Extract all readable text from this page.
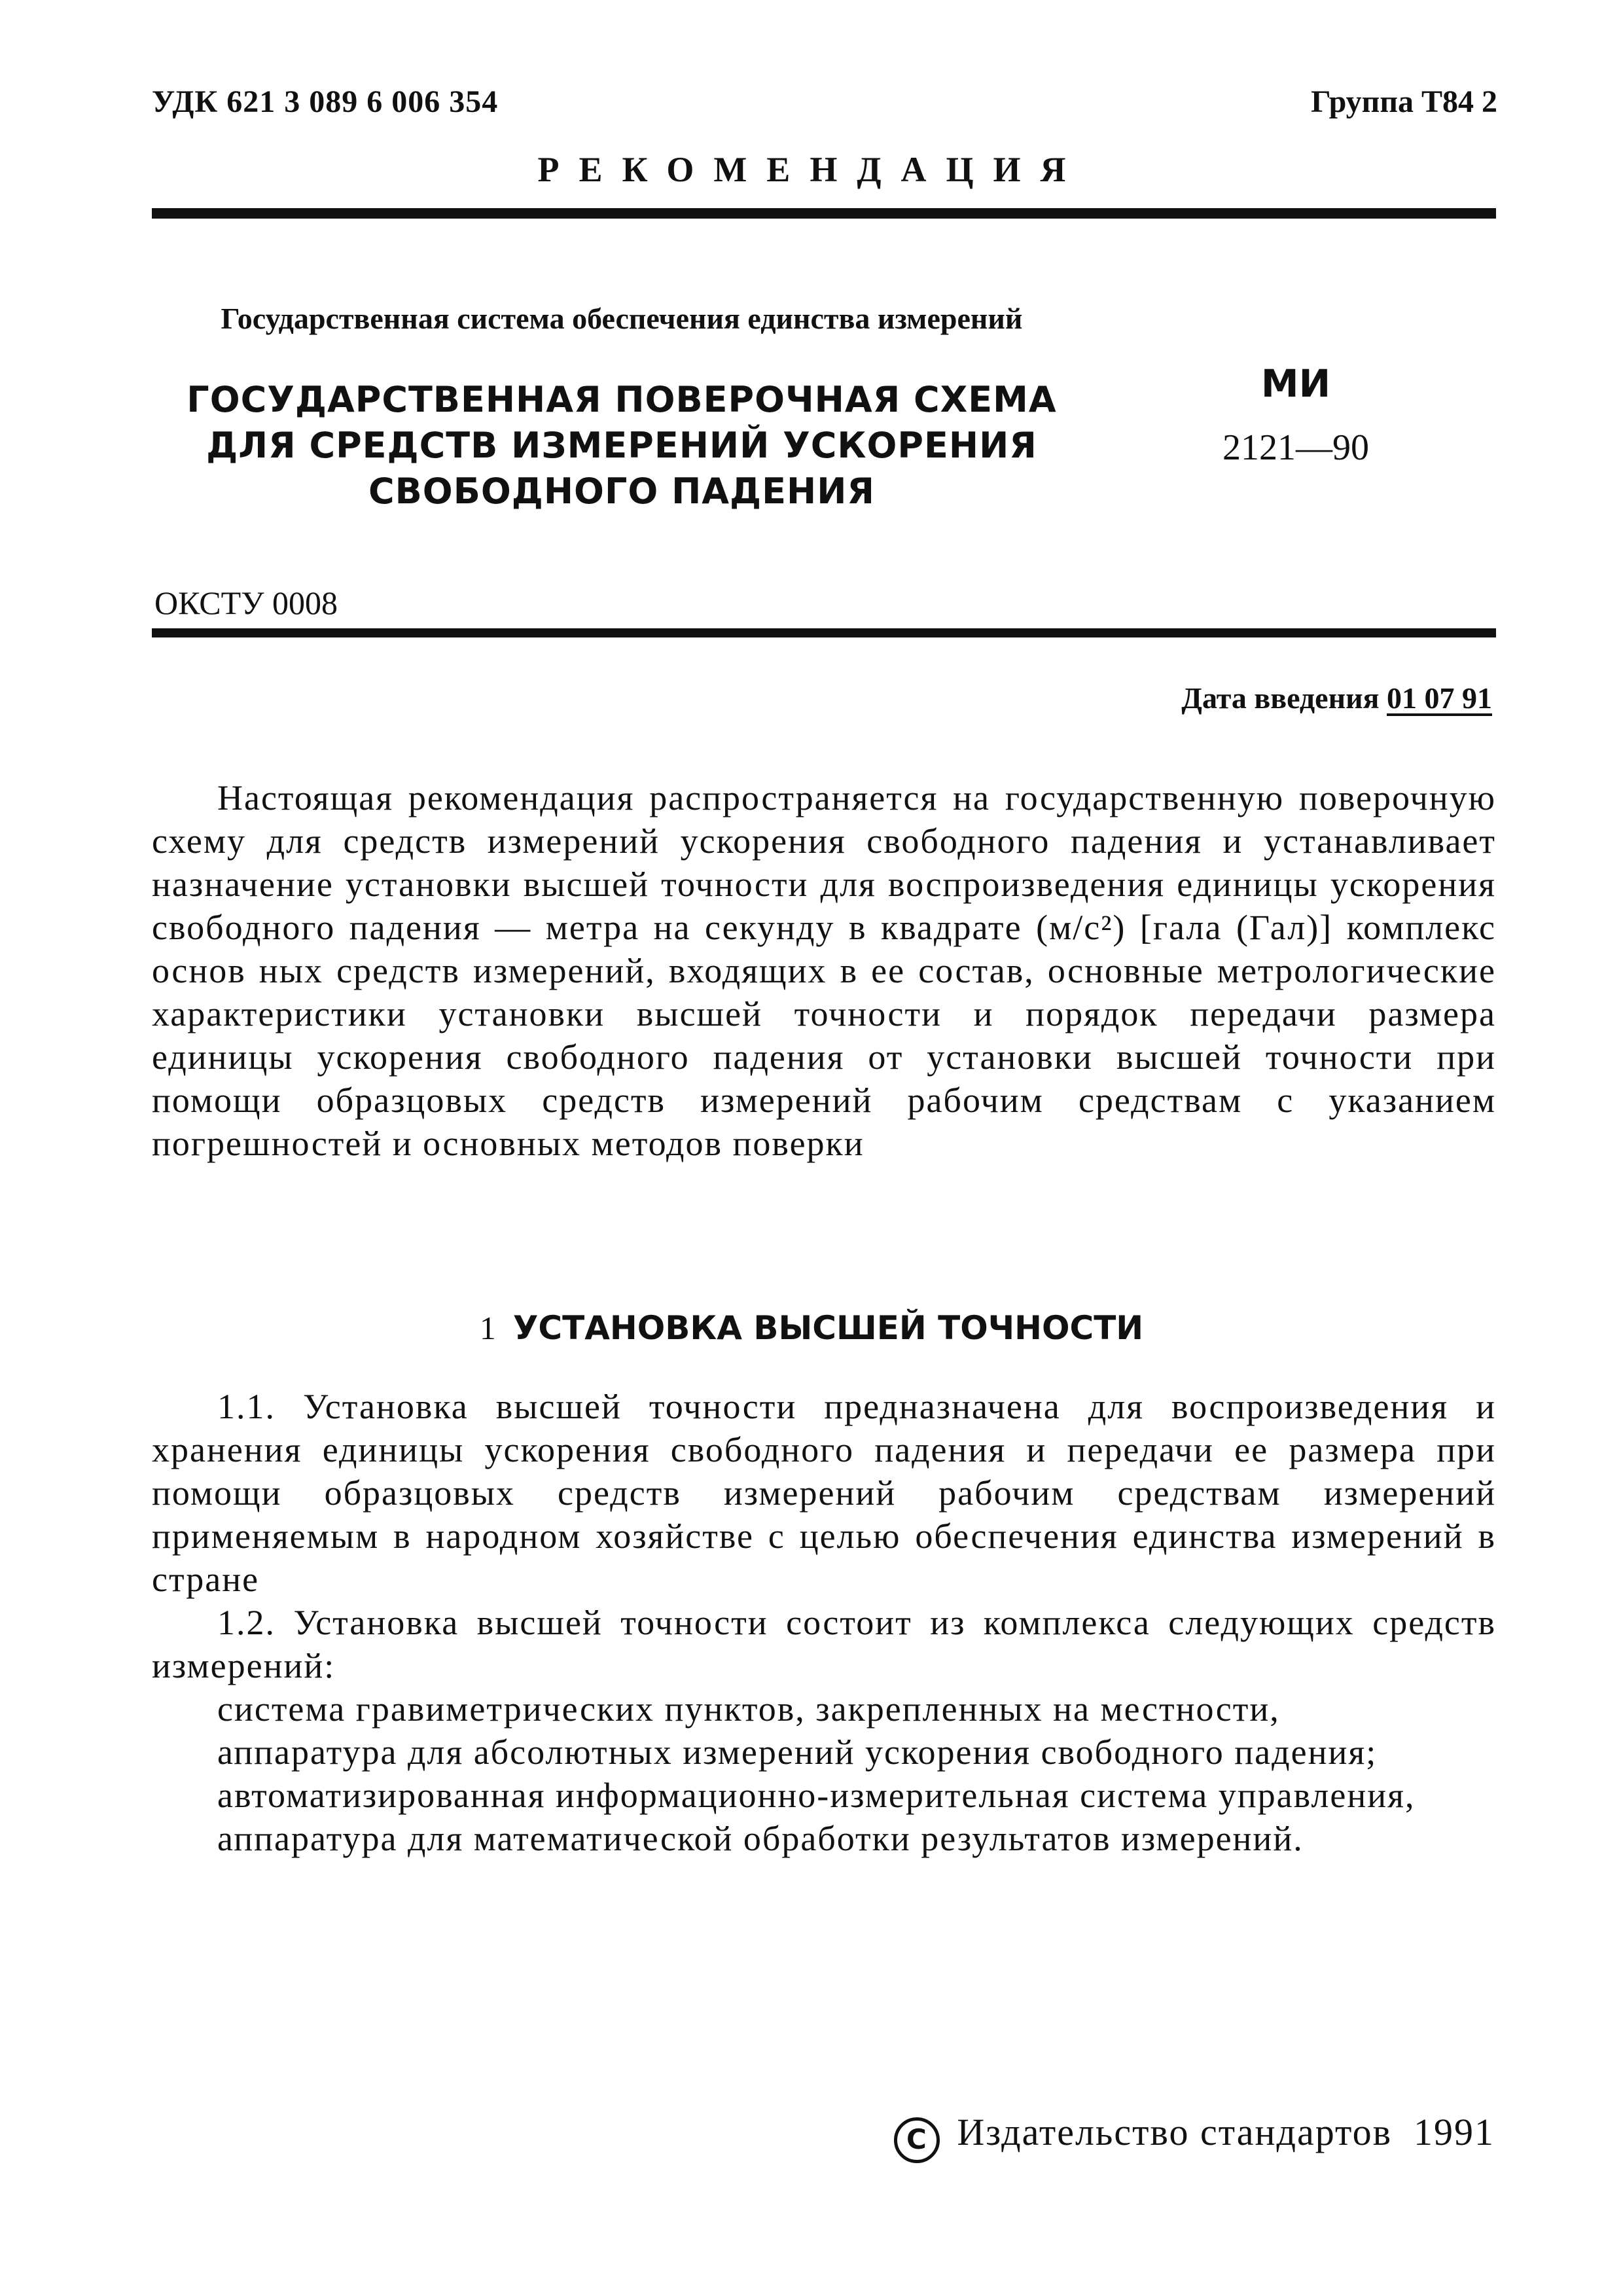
УДК 621 3 089 6 006 354	Группа Т84 2
РЕКОМЕНДАЦИЯ
Государственная система обеспечения единства измерений
ГОСУДАРСТВЕННАЯ ПОВЕРОЧНАЯ СХЕМА ДЛЯ СРЕДСТВ ИЗМЕРЕНИЙ УСКОРЕНИЯ СВОБОДНОГО ПАДЕНИЯ
МИ
2121—90
ОКСТУ 0008
Дата введения 01 07 91

Настоящая рекомендация распространяется на государственную поверочную схему для средств измерений ускорения свободного падения и устанавливает назначение установки высшей точности для воспроизведения единицы ускорения свободного падения — метра на секунду в квадрате (м/с²) [гала (Гал)] комплекс основ ных средств измерений, входящих в ее состав, основные метрологические характеристики установки высшей точности и порядок передачи размера единицы ускорения свободного падения от установки высшей точности при помощи образцовых средств измерений рабочим средствам с указанием погрешностей и основных методов поверки

1 УСТАНОВКА ВЫСШЕЙ ТОЧНОСТИ

1.1. Установка высшей точности предназначена для воспроизведения и хранения единицы ускорения свободного падения и передачи ее размера при помощи образцовых средств измерений рабочим средствам измерений применяемым в народном хозяйстве с целью обеспечения единства измерений в стране

1.2. Установка высшей точности состоит из комплекса следующих средств измерений:

система гравиметрических пунктов, закрепленных на местности,

аппаратура для абсолютных измерений ускорения свободного падения;

автоматизированная информационно-измерительная система управления,

аппаратура для математической обработки результатов измерений.

C Издательство стандартов 1991
